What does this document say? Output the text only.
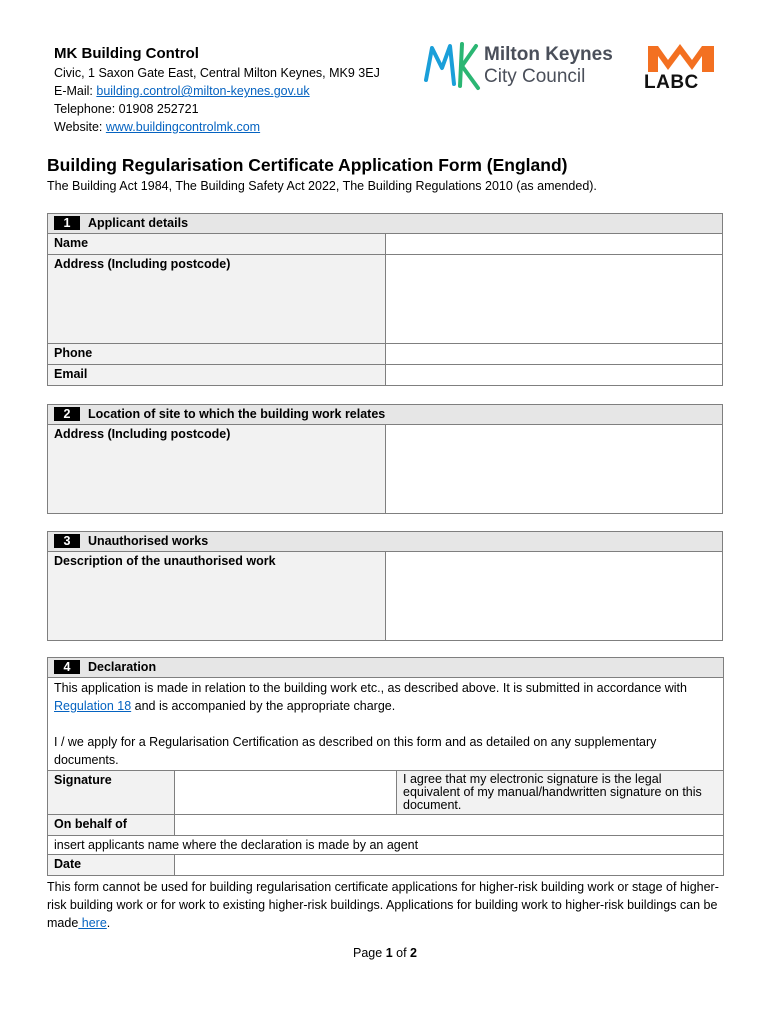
MK Building Control
Civic, 1 Saxon Gate East, Central Milton Keynes, MK9 3EJ
E-Mail: building.control@milton-keynes.gov.uk
Telephone: 01908 252721
Website: www.buildingcontrolmk.com
Milton Keynes
City Council	LABC
Building Regularisation Certificate Application Form (England)
The Building Act 1984, The Building Safety Act 2022, The Building Regulations 2010 (as amended).
1 Applicant details	
Name	
Address (Including postcode)	
Phone	
Email	
2 Location of site to which the building work relates
Address (Including postcode)	
3 Unauthorised works
Description of the unauthorised work	
4 Declaration		
This application is made in relation to the building work etc., as described above. It is submitted in accordance with Regulation 18 and is accompanied by the appropriate charge.
I / we apply for a Regularisation Certification as described on this form and as detailed on any supplementary documents.		
Signature		I agree that my electronic signature is the legal equivalent of my manual/handwritten signature on this document.
On behalf of		
insert applicants name where the declaration is made by an agent		
Date		
This form cannot be used for building regularisation certificate applications for higher-risk building work or stage of higher-risk building work or for work to existing higher-risk buildings. Applications for building work to higher-risk buildings can be made here.
Page 1 of 2
